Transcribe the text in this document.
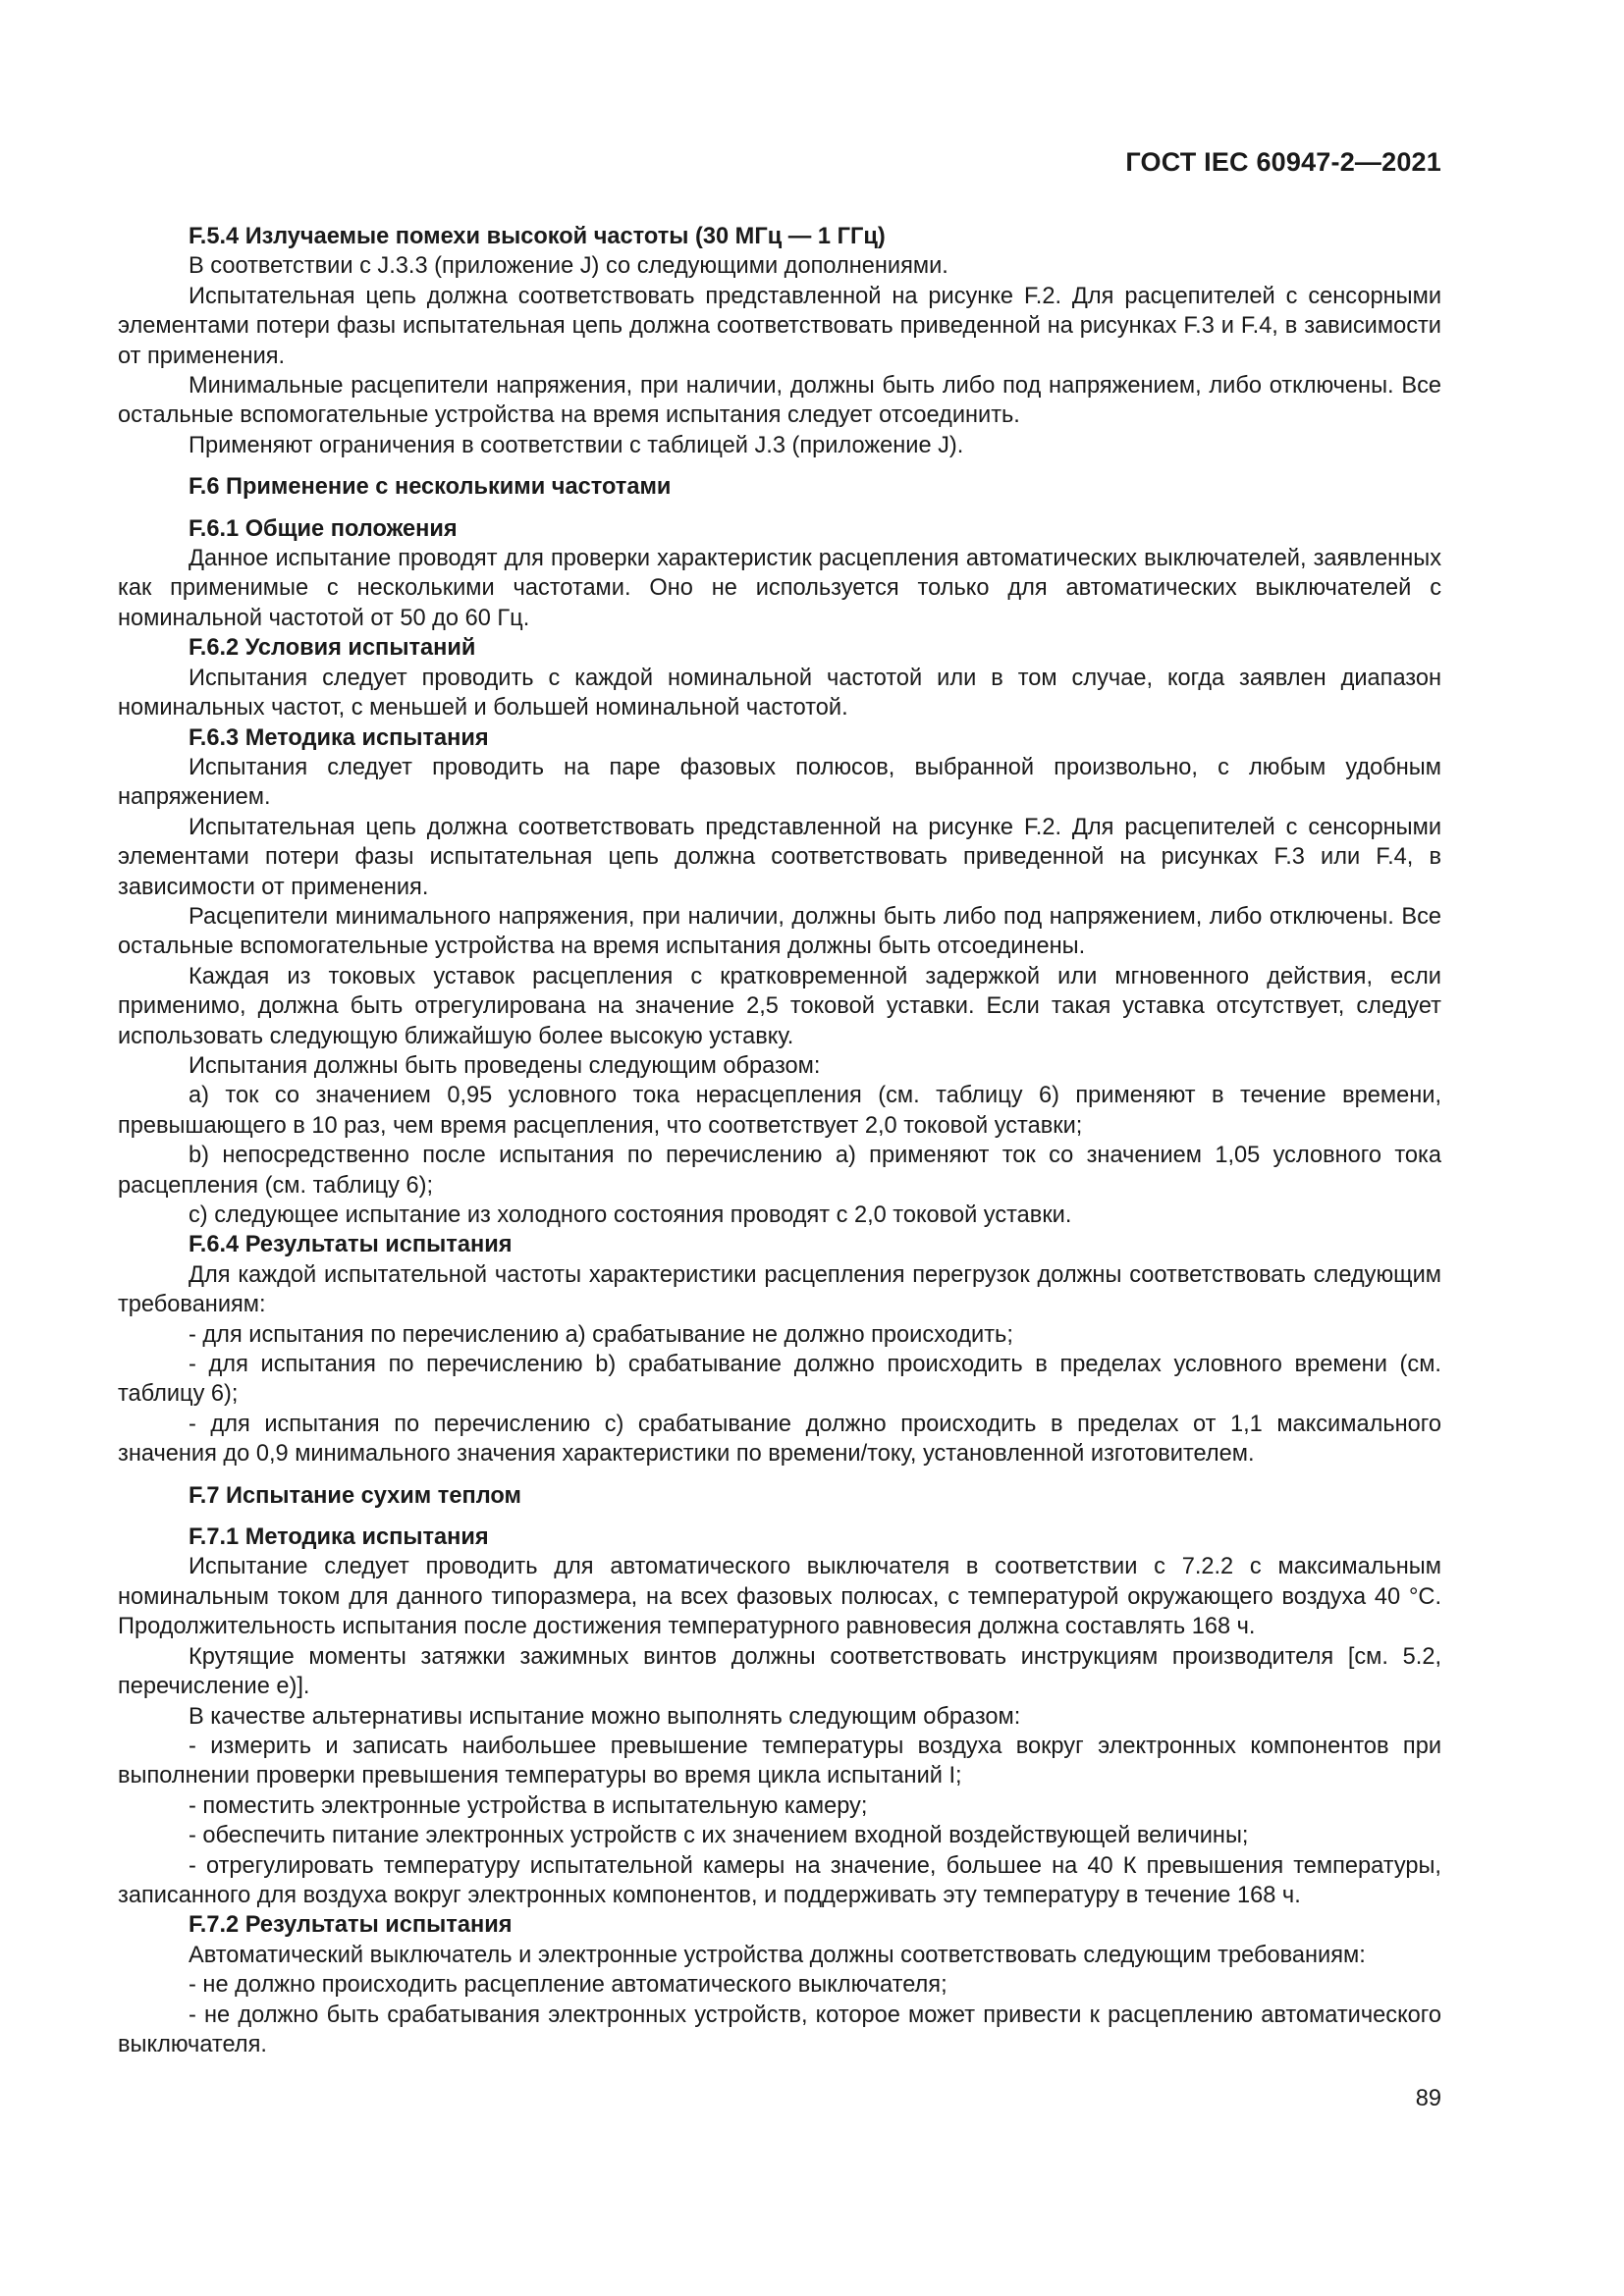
ГОСТ IEC 60947-2—2021
F.5.4 Излучаемые помехи высокой частоты (30 МГц — 1 ГГц)

В соответствии с J.3.3 (приложение J) со следующими дополнениями.

Испытательная цепь должна соответствовать представленной на рисунке F.2. Для расцепителей с сенсорными элементами потери фазы испытательная цепь должна соответствовать приведенной на рисунках F.3 и F.4, в зависимости от применения.

Минимальные расцепители напряжения, при наличии, должны быть либо под напряжением, либо отключены. Все остальные вспомогательные устройства на время испытания следует отсоединить.

Применяют ограничения в соответствии с таблицей J.3 (приложение J).

F.6 Применение с несколькими частотами
F.6.1 Общие положения

Данное испытание проводят для проверки характеристик расцепления автоматических выключателей, заявленных как применимые с несколькими частотами. Оно не используется только для автоматических выключателей с номинальной частотой от 50 до 60 Гц.

F.6.2 Условия испытаний

Испытания следует проводить с каждой номинальной частотой или в том случае, когда заявлен диапазон номинальных частот, с меньшей и большей номинальной частотой.

F.6.3 Методика испытания

Испытания следует проводить на паре фазовых полюсов, выбранной произвольно, с любым удобным напряжением.

Испытательная цепь должна соответствовать представленной на рисунке F.2. Для расцепителей с сенсорными элементами потери фазы испытательная цепь должна соответствовать приведенной на рисунках F.3 или F.4, в зависимости от применения.

Расцепители минимального напряжения, при наличии, должны быть либо под напряжением, либо отключены. Все остальные вспомогательные устройства на время испытания должны быть отсоединены.

Каждая из токовых уставок расцепления с кратковременной задержкой или мгновенного действия, если применимо, должна быть отрегулирована на значение 2,5 токовой уставки. Если такая уставка отсутствует, следует использовать следующую ближайшую более высокую уставку.

Испытания должны быть проведены следующим образом:

a) ток со значением 0,95 условного тока нерасцепления (см. таблицу 6) применяют в течение времени, превышающего в 10 раз, чем время расцепления, что соответствует 2,0 токовой уставки;

b) непосредственно после испытания по перечислению a) применяют ток со значением 1,05 условного тока расцепления (см. таблицу 6);

c) следующее испытание из холодного состояния проводят с 2,0 токовой уставки.

F.6.4 Результаты испытания

Для каждой испытательной частоты характеристики расцепления перегрузок должны соответствовать следующим требованиям:

- для испытания по перечислению a) срабатывание не должно происходить;

- для испытания по перечислению b) срабатывание должно происходить в пределах условного времени (см. таблицу 6);

- для испытания по перечислению c) срабатывание должно происходить в пределах от 1,1 максимального значения до 0,9 минимального значения характеристики по времени/току, установленной изготовителем.

F.7 Испытание сухим теплом
F.7.1 Методика испытания

Испытание следует проводить для автоматического выключателя в соответствии с 7.2.2 с максимальным номинальным током для данного типоразмера, на всех фазовых полюсах, с температурой окружающего воздуха 40 °C. Продолжительность испытания после достижения температурного равновесия должна составлять 168 ч.

Крутящие моменты затяжки зажимных винтов должны соответствовать инструкциям производителя [см. 5.2, перечисление e)].

В качестве альтернативы испытание можно выполнять следующим образом:

- измерить и записать наибольшее превышение температуры воздуха вокруг электронных компонентов при выполнении проверки превышения температуры во время цикла испытаний I;

- поместить электронные устройства в испытательную камеру;

- обеспечить питание электронных устройств с их значением входной воздействующей величины;

- отрегулировать температуру испытательной камеры на значение, большее на 40 К превышения температуры, записанного для воздуха вокруг электронных компонентов, и поддерживать эту температуру в течение 168 ч.

F.7.2 Результаты испытания

Автоматический выключатель и электронные устройства должны соответствовать следующим требованиям:

- не должно происходить расцепление автоматического выключателя;

- не должно быть срабатывания электронных устройств, которое может привести к расцеплению автоматического выключателя.

89
